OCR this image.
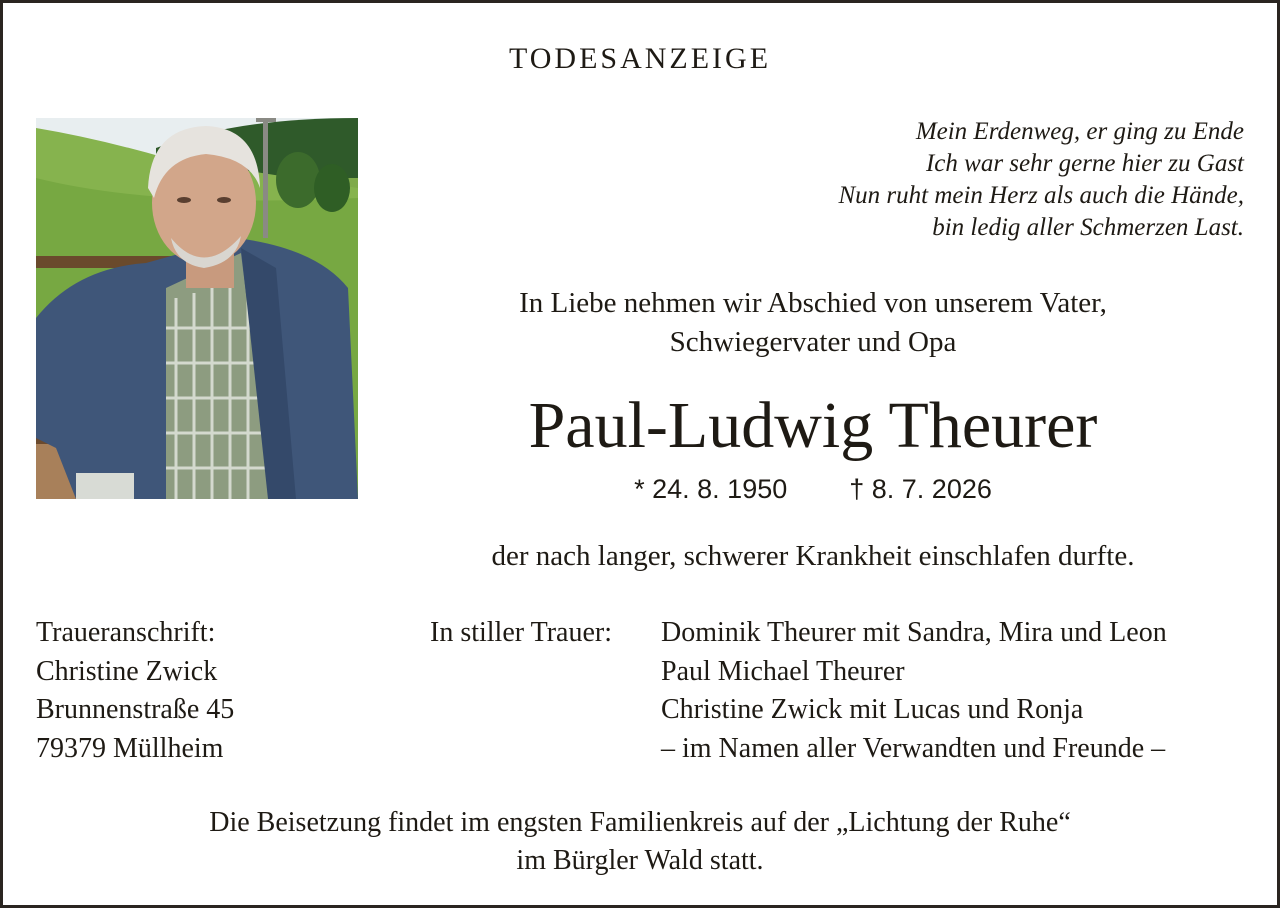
TODESANZEIGE
Mein Erdenweg, er ging zu Ende
Ich war sehr gerne hier zu Gast
Nun ruht mein Herz als auch die Hände,
bin ledig aller Schmerzen Last.
In Liebe nehmen wir Abschied von unserem Vater,
Schwiegervater und Opa
Paul-Ludwig Theurer
* 24. 8. 1950 † 8. 7. 2026
der nach langer, schwerer Krankheit einschlafen durfte.
Traueranschrift:
Christine Zwick
Brunnenstraße 45
79379 Müllheim
In stiller Trauer: Dominik Theurer mit Sandra, Mira und Leon
Paul Michael Theurer
Christine Zwick mit Lucas und Ronja
– im Namen aller Verwandten und Freunde –
Die Beisetzung findet im engsten Familienkreis auf der „Lichtung der Ruhe“
im Bürgler Wald statt.
